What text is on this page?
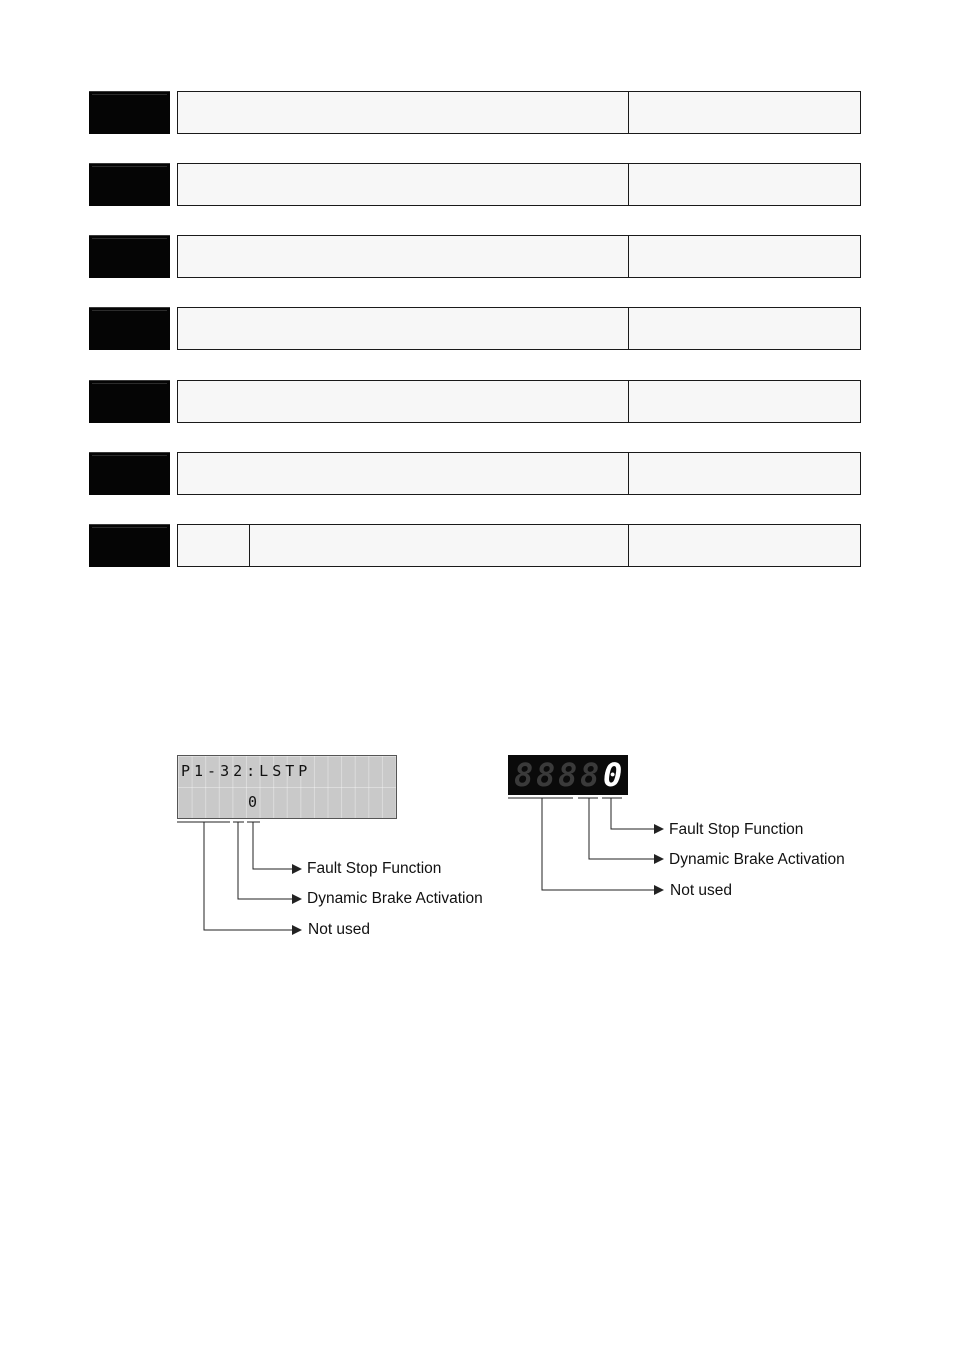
P1-32:LSTP
0
8 8 8 8 0
Fault Stop Function
Dynamic Brake Activation
Not used
Fault Stop Function
Dynamic Brake Activation
Not used
